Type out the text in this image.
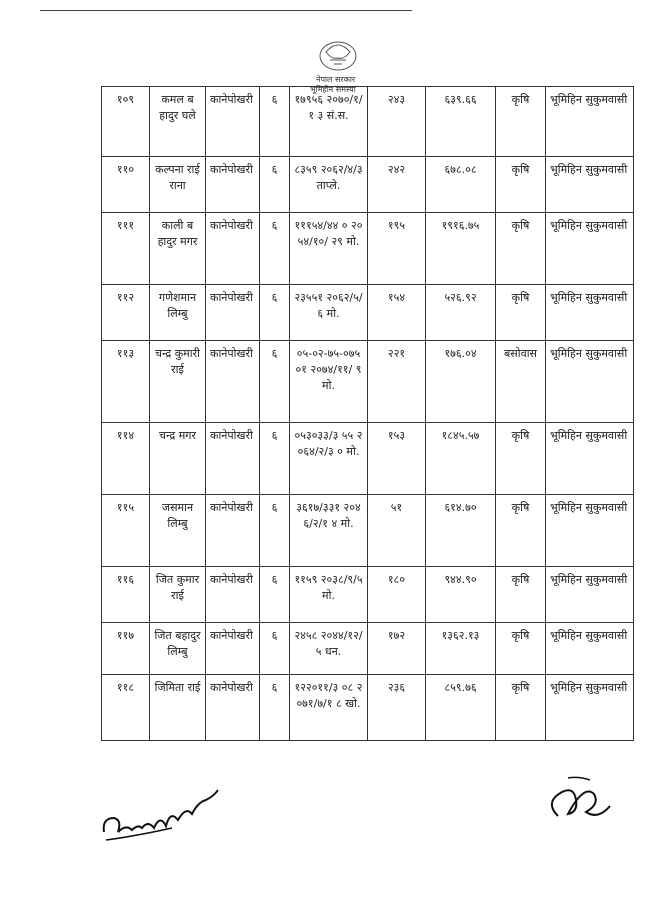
नेपाल सरकार
भूमिहीन समस्या
१०९	कमल बहादुर घले	कानेपोखरी	६	१७९५६ २०७०/१/१ ३ सं.स.	२४३	६३९.६६	कृषि	भूमिहिन सुकुमवासी
११०	कल्पना राई राना	कानेपोखरी	६	८३५९ २०६२/४/३ ताप्ले.	२४२	६७८.०८	कृषि	भूमिहिन सुकुमवासी
१११	काली बहादुर मगर	कानेपोखरी	६	१११५४/४४ ० २०५४/१०/ २९ मो.	१९५	१९१६.७५	कृषि	भूमिहिन सुकुमवासी
११२	गणेशमान लिम्बु	कानेपोखरी	६	२३५५१ २०६२/५/६ मो.	१५४	५२६.९२	कृषि	भूमिहिन सुकुमवासी
११३	चन्द्र कुमारी राई	कानेपोखरी	६	०५-०२-७५-०७५०१ २०७४/११/ ९ मो.	२२१	१७६.०४	बसोवास	भूमिहिन सुकुमवासी
११४	चन्द्र मगर	कानेपोखरी	६	०५३०३३/३ ५५ २०६४/२/३ ० मो.	१५३	१८४५.५७	कृषि	भूमिहिन सुकुमवासी
११५	जसमान लिम्बु	कानेपोखरी	६	३६१७/३३१ २०४६/२/१ ४ मो.	५१	६१४.७०	कृषि	भूमिहिन सुकुमवासी
११६	जित कुमार राई	कानेपोखरी	६	११५९ २०३८/९/५ मो.	१८०	९४४.९०	कृषि	भूमिहिन सुकुमवासी
११७	जित बहादुर लिम्बु	कानेपोखरी	६	२४५८ २०४४/१२/ ५ धन.	१७२	१३६२.१३	कृषि	भूमिहिन सुकुमवासी
११८	जिमिता राई	कानेपोखरी	६	१२२०११/३ ०८ २०७१/७/१ ८ खो.	२३६	८५९.७६	कृषि	भूमिहिन सुकुमवासी
